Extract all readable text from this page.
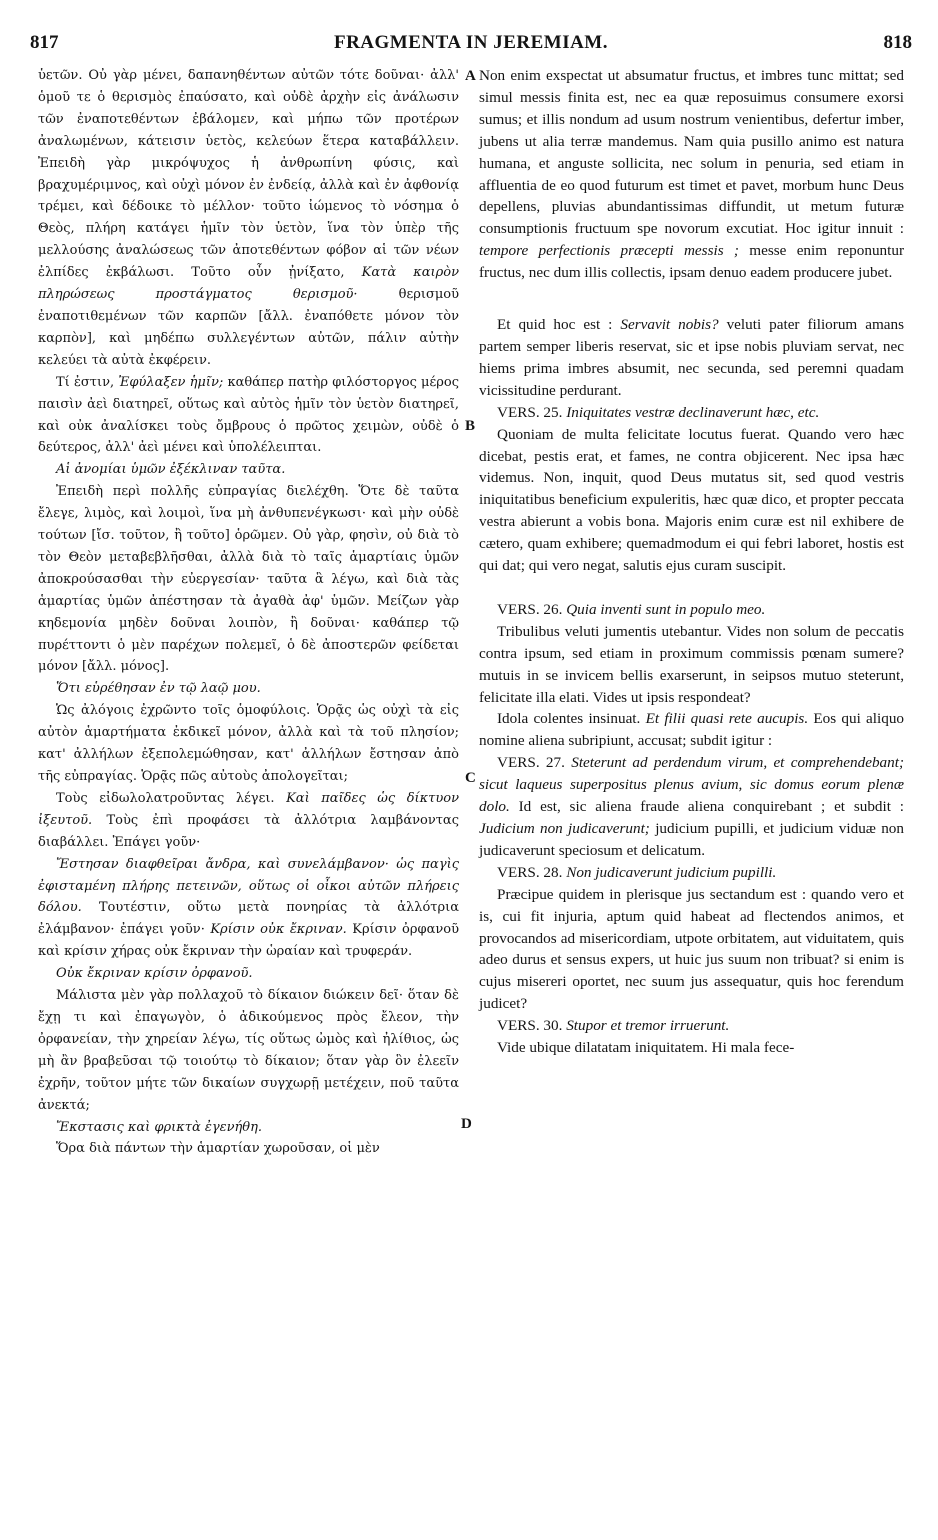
817	FRAGMENTA IN JEREMIAM.	818
A
B
C
D

ὑετῶν. Οὐ γὰρ μένει, δαπανηθέντων αὐτῶν τότε δοῦναι· ἀλλ' ὁμοῦ τε ὁ θερισμὸς ἐπαύσατο, καὶ οὐδὲ ἀρχὴν εἰς ἀνάλωσιν τῶν ἐναποτεθέντων ἐβάλομεν, καὶ μήπω τῶν προτέρων ἀναλωμένων, κάτεισιν ὑετὸς, κελεύων ἕτερα καταβάλλειν. Ἐπειδὴ γὰρ μικρόψυχος ἡ ἀνθρωπίνη φύσις, καὶ βραχυμέριμνος, καὶ οὐχὶ μόνον ἐν ἐνδείᾳ, ἀλλὰ καὶ ἐν ἀφθονίᾳ τρέμει, καὶ δέδοικε τὸ μέλλον· τοῦτο ἰώμενος τὸ νόσημα ὁ Θεὸς, πλήρη κατάγει ἡμῖν τὸν ὑετὸν, ἵνα τὸν ὑπὲρ τῆς μελλούσης ἀναλώσεως τῶν ἀποτεθέντων φόβον αἱ τῶν νέων ἐλπίδες ἐκβάλωσι. Τοῦτο οὖν ᾐνίξατο, Κατὰ καιρὸν πληρώσεως προστάγματος θερισμοῦ·	θερισμοῦ ἐναποτιθεμένων τῶν καρπῶν [ἄλλ. ἐναπόθετε μόνον τὸν καρπὸν], καὶ μηδέπω συλλεγέντων αὐτῶν, πάλιν αὐτὴν κελεύει τὰ αὐτὰ ἐκφέρειν.

Τί ἐστιν, Ἐφύλαξεν ἡμῖν; καθάπερ πατὴρ φιλόστοργος μέρος παισὶν ἀεὶ διατηρεῖ, οὕτως καὶ αὐτὸς ἡμῖν τὸν ὑετὸν διατηρεῖ, καὶ οὐκ ἀναλίσκει τοὺς ὄμβρους ὁ πρῶτος χειμὼν, οὐδὲ ὁ δεύτερος, ἀλλ' ἀεὶ μένει καὶ ὑπολέλειπται.

Αἱ ἀνομίαι ὑμῶν ἐξέκλιναν ταῦτα.

Ἐπειδὴ περὶ πολλῆς εὐπραγίας διελέχθη. Ὅτε δὲ ταῦτα ἔλεγε, λιμὸς, καὶ λοιμοὶ, ἵνα μὴ ἀνθυπενέγκωσι· καὶ μὴν οὐδὲ τούτων [ἴσ. τοῦτον, ἢ τοῦτο] ὁρῶμεν. Οὐ γὰρ, φησὶν, οὐ διὰ τὸ τὸν Θεὸν μεταβεβλῆσθαι, ἀλλὰ διὰ τὸ ταῖς ἁμαρτίαις ὑμῶν ἀποκρούσασθαι τὴν εὐεργεσίαν· ταῦτα ἃ λέγω, καὶ διὰ τὰς ἁμαρτίας ὑμῶν ἀπέστησαν τὰ ἀγαθὰ ἀφ' ὑμῶν. Μείζων γὰρ κηδεμονία μηδὲν δοῦναι λοιπὸν, ἢ δοῦναι· καθάπερ τῷ πυρέττοντι ὁ μὲν παρέχων πολεμεῖ, ὁ δὲ ἀποστερῶν φείδεται μόνον [ἄλλ. μόνος].

Ὅτι εὑρέθησαν ἐν τῷ λαῷ μου.

Ὡς ἀλόγοις ἐχρῶντο τοῖς ὁμοφύλοις. Ὁρᾷς ὡς οὐχὶ τὰ εἰς αὐτὸν ἁμαρτήματα ἐκδικεῖ μόνον, ἀλλὰ καὶ τὰ τοῦ πλησίον; κατ' ἀλλήλων ἐξεπολεμώθησαν, κατ' ἀλλήλων ἔστησαν ἀπὸ τῆς εὐπραγίας. Ὁρᾷς πῶς αὐτοὺς ἀπολογεῖται;

Τοὺς εἰδωλολατροῦντας λέγει. Καὶ παῖδες ὡς δίκτυον ἰξευτοῦ. Τοὺς ἐπὶ προφάσει τὰ ἀλλότρια λαμβάνοντας διαβάλλει. Ἐπάγει γοῦν·

Ἔστησαν διαφθεῖραι ἄνδρα, καὶ συνελάμβανον· ὡς παγὶς ἐφισταμένη πλήρης πετεινῶν, οὕτως οἱ οἶκοι αὐτῶν πλήρεις δόλου. Τουτέστιν, οὕτω μετὰ πονηρίας τὰ ἀλλότρια ἐλάμβανον· ἐπάγει γοῦν· Κρίσιν οὐκ ἔκριναν. Κρίσιν ὀρφανοῦ καὶ κρίσιν χήρας οὐκ ἔκριναν τὴν ὡραίαν καὶ τρυφεράν.

Οὐκ ἔκριναν κρίσιν ὀρφανοῦ.

Μάλιστα μὲν γὰρ πολλαχοῦ τὸ δίκαιον διώκειν δεῖ· ὅταν δὲ ἔχῃ τι καὶ ἐπαγωγὸν, ὁ ἀδικούμενος πρὸς ἔλεον, τὴν ὀρφανείαν, τὴν χηρείαν λέγω, τίς οὕτως ὠμὸς καὶ ἠλίθιος, ὡς μὴ ἂν βραβεῦσαι τῷ τοιούτῳ τὸ δίκαιον; ὅταν γὰρ ὃν ἐλεεῖν ἐχρῆν, τοῦτον μήτε τῶν δικαίων συγχωρῇ μετέχειν, ποῦ ταῦτα ἀνεκτά;

Ἔκστασις καὶ φρικτὰ ἐγενήθη.

Ὅρα διὰ πάντων τὴν ἁμαρτίαν χωροῦσαν, οἱ μὲν

Non enim exspectat ut absumatur fructus, et imbres tunc mittat; sed simul messis finita est, nec ea quæ reposuimus consumere exorsi sumus; et illis nondum ad usum nostrum venientibus, defertur imber, jubens ut alia terræ mandemus. Nam quia pusillo animo est natura humana, et anguste sollicita, nec solum in penuria, sed etiam in affluentia de eo quod futurum est timet et pavet, morbum hunc Deus depellens, pluvias abundantissimas diffundit, ut metum futuræ consumptionis fructuum spe novorum excutiat. Hoc igitur innuit : tempore perfectionis præcepti messis ; messe enim reponuntur fructus, nec dum illis collectis, ipsam denuo eadem producere jubet.

Et quid hoc est : Servavit nobis? veluti pater filiorum amans partem semper liberis reservat, sic et ipse nobis pluviam servat, nec hiems prima imbres absumit, nec secunda, sed peremni quadam vicissitudine perdurant.

VERS. 25. Iniquitates vestræ declinaverunt hæc, etc.

Quoniam de multa felicitate locutus fuerat. Quando vero hæc dicebat, pestis erat, et fames, ne contra objicerent. Nec ipsa hæc videmus. Non, inquit, quod Deus mutatus sit, sed quod vestris iniquitatibus beneficium expuleritis, hæc quæ dico, et propter peccata vestra abierunt a vobis bona. Majoris enim curæ est nil exhibere de cætero, quam exhibere; quemadmodum ei qui febri laboret, hostis est qui dat; qui vero negat, salutis ejus curam suscipit.

VERS. 26. Quia inventi sunt in populo meo.

Tribulibus veluti jumentis utebantur. Vides non solum de peccatis contra ipsum, sed etiam in proximum commissis pœnam sumere? mutuis in se invicem bellis exarserunt, in seipsos mutuo steterunt, felicitate illa elati. Vides ut ipsis respondeat?

Idola colentes insinuat. Et filii quasi rete aucupis. Eos qui aliquo nomine aliena subripiunt, accusat; subdit igitur :

VERS. 27. Steterunt ad perdendum virum, et comprehendebant; sicut laqueus superpositus plenus avium, sic domus eorum plenæ dolo. Id est, sic aliena fraude aliena conquirebant ; et subdit : Judicium non judicaverunt; judicium pupilli, et judicium viduæ non judicaverunt speciosum et delicatum.

VERS. 28. Non judicaverunt judicium pupilli.

Præcipue quidem in plerisque jus sectandum est : quando vero et is, cui fit injuria, aptum quid habeat ad flectendos animos, et provocandos ad misericordiam, utpote orbitatem, aut viduitatem, quis adeo durus et sensus expers, ut huic jus suum non tribuat? si enim is cujus misereri oportet, nec suum jus assequatur, quis hoc ferendum judicet?

VERS. 30. Stupor et tremor irruerunt.

Vide ubique dilatatam iniquitatem. Hi mala fece-
